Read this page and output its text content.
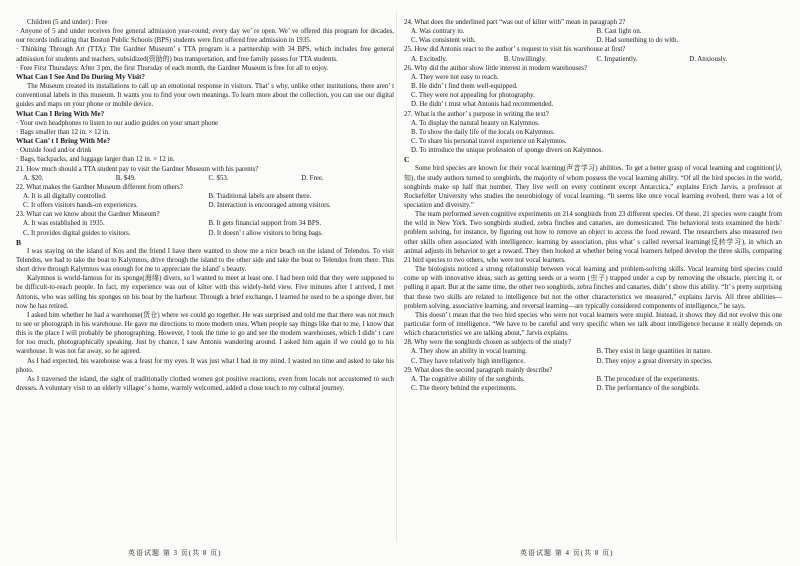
Children (5 and under) : Free

· Anyone of 5 and under receives free general admission year-round; every day we’ re open. We’ ve offered this program for decades, our records indicating that Boston Public Schools (BPS) students were first offered free admission in 1935.

· Thinking Through Art (TTA): The Gardner Museum’ s TTA program is a partnership with 34 BPS, which includes free general admission for students and teachers, subsidized(资助的) bus transportation, and free family passes for TTA students.

· Free First Thursdays: After 3 pm, the first Thursday of each month, the Gardner Museum is free for all to enjoy.

What Can I See And Do During My Visit?

The Museum created its installations to call up an emotional response in visitors. That’ s why, unlike other institutions, there aren’ t conventional labels in this museum. It wants you to find your own meanings. To learn more about the collection, you can use our digital guides and maps on your phone or mobile device.

What Can I Bring With Me?

· Your own headphones to listen to our audio guides on your smart phone

· Bags smaller than 12 in. × 12 in.

What Can’ t I Bring With Me?

· Outside food and/or drink

· Bags, backpacks, and luggage larger than 12 in. × 12 in.

21. How much should a TTA student pay to visit the Gardner Museum with his parents?

A. $20.	B. $49.	C. $53.	D. Free.

22. What makes the Gardner Museum different from others?

A. It is all digitally controlled.	B. Traditional labels are absent there.
C. It offers visitors hands-on experiences.	D. Interaction is encouraged among visitors.

23. What can we know about the Gardner Museum?

A. It was established in 1935.	B. It gets financial support from 34 BPS.
C. It provides digital guides to visitors.	D. It doesn’ t allow visitors to bring bags.

B

I was staying on the island of Kos and the friend I have there wanted to show me a nice beach on the island of Telendos. To visit Telendos, we had to take the boat to Kalymnos, drive through the island to the other side and take the boat to Telendos from there. This short drive through Kalymnos was enough for me to appreciate the island’ s beauty.

Kalymnos is world-famous for its sponge(海绵) divers, so I wanted to meet at least one. I had been told that they were supposed to be difficult-to-reach people. In fact, my experience was out of kilter with this widely-held view. Five minutes after I arrived, I met Antonis, who was selling his sponges on his boat by the harbour. Through a brief exchange, I learned he used to be a sponge diver, but now he has retired.

I asked him whether he had a warehouse(货仓) where we could go together. He was surprised and told me that there was not much to see or photograph in his warehouse. He gave me directions to more modern ones. When people say things like that to me, I know that this is the place I will probably be photographing. However, I took the time to go and see the modern warehouses, which I didn’ t care for too much, photographically speaking. Just by chance, I saw Antonis wandering around. I asked him again if we could go to his warehouse. It was not far away, so he agreed.

As I had expected, his warehouse was a feast for my eyes. It was just what I had in my mind. I wasted no time and asked to take his photo.

As I traversed the island, the sight of traditionally clothed women got positive reactions, even from locals not accustomed to such dresses. A voluntary visit to an elderly villager’ s home, warmly welcomed, added a close touch to my cultural journey.

24. What does the underlined part “was out of kilter with” mean in paragraph 2?

A. Was contrary to.	B. Cast light on.
C. Was consistent with.	D. Had something to do with.

25. How did Antonis react to the author’ s request to visit his warehouse at first?

A. Excitedly.	B. Unwillingly.	C. Impatiently.	D. Anxiously.

26. Why did the author show little interest in modern warehouses?

A. They were not easy to reach.
B. He didn’ t find them well-equipped.
C. They were not appealing for photography.
D. He didn’ t trust what Antonis had recommended.

27. What is the author’ s purpose in writing the text?

A. To display the natural beauty on Kalymnos.
B. To show the daily life of the locals on Kalymnos.
C. To share his personal travel experience on Kalymnos.
D. To introduce the unique profession of sponge divers on Kalymnos.

C

Some bird species are known for their vocal learning(声音学习) abilities. To get a better grasp of vocal learning and cognition(认知), the study authors turned to songbirds, the majority of whom possess the vocal learning ability. “Of all the bird species in the world, songbirds make up half that number. They live well on every continent except Antarctica,” explains Erich Jarvis, a professor at Rockefeller University who studies the neurobiology of vocal learning. “It seems like once vocal learning evolved, there was a lot of speciation and diversity.”

The team performed seven cognitive experiments on 214 songbirds from 23 different species. Of these, 21 species were caught from the wild in New York. Two songbirds studied, zebra finches and canaries, are domesticated. The behavioral tests examined the birds’ problem solving, for instance, by figuring out how to remove an object to access the food reward. The researchers also measured two other skills often associated with intelligence: learning by association, plus what’ s called reversal learning(反转学习), in which an animal adjusts its behavior to get a reward. They then looked at whether being vocal learners helped develop the three skills, comparing 21 bird species to two others, who were not vocal learners.

The biologists noticed a strong relationship between vocal learning and problem-solving skills. Vocal learning bird species could come up with innovative ideas, such as getting seeds or a worm (虫子) trapped under a cup by removing the obstacle, piercing it, or pulling it apart. But at the same time, the other two songbirds, zebra finches and canaries, didn’ t show this ability. “It’ s pretty surprising that these two skills are related to intelligence but not the other characteristics we measured,” explains Jarvis. All three abilities—problem solving, associative learning, and reversal learning—are typically considered components of intelligence,” he says.

This doesn’ t mean that the two bird species who were not vocal learners were stupid. Instead, it shows they did not evolve this one particular form of intelligence. “We have to be careful and very specific when we talk about intelligence because it really depends on which characteristics we are talking about,” Jarvis explains.

28. Why were the songbirds chosen as subjects of the study?

A. They show an ability in vocal learning.	B. They exist in large quantities in nature.
C. They have relatively high intelligence.	D. They enjoy a great diversity in species.

29. What does the second paragraph mainly describe?

A. The cognitive ability of the songbirds.	B. The procedure of the experiments.
C. The theory behind the experiments.	D. The performance of the songbirds.
英语试题 第 3 页(共 8 页)	英语试题 第 4 页(共 8 页)
